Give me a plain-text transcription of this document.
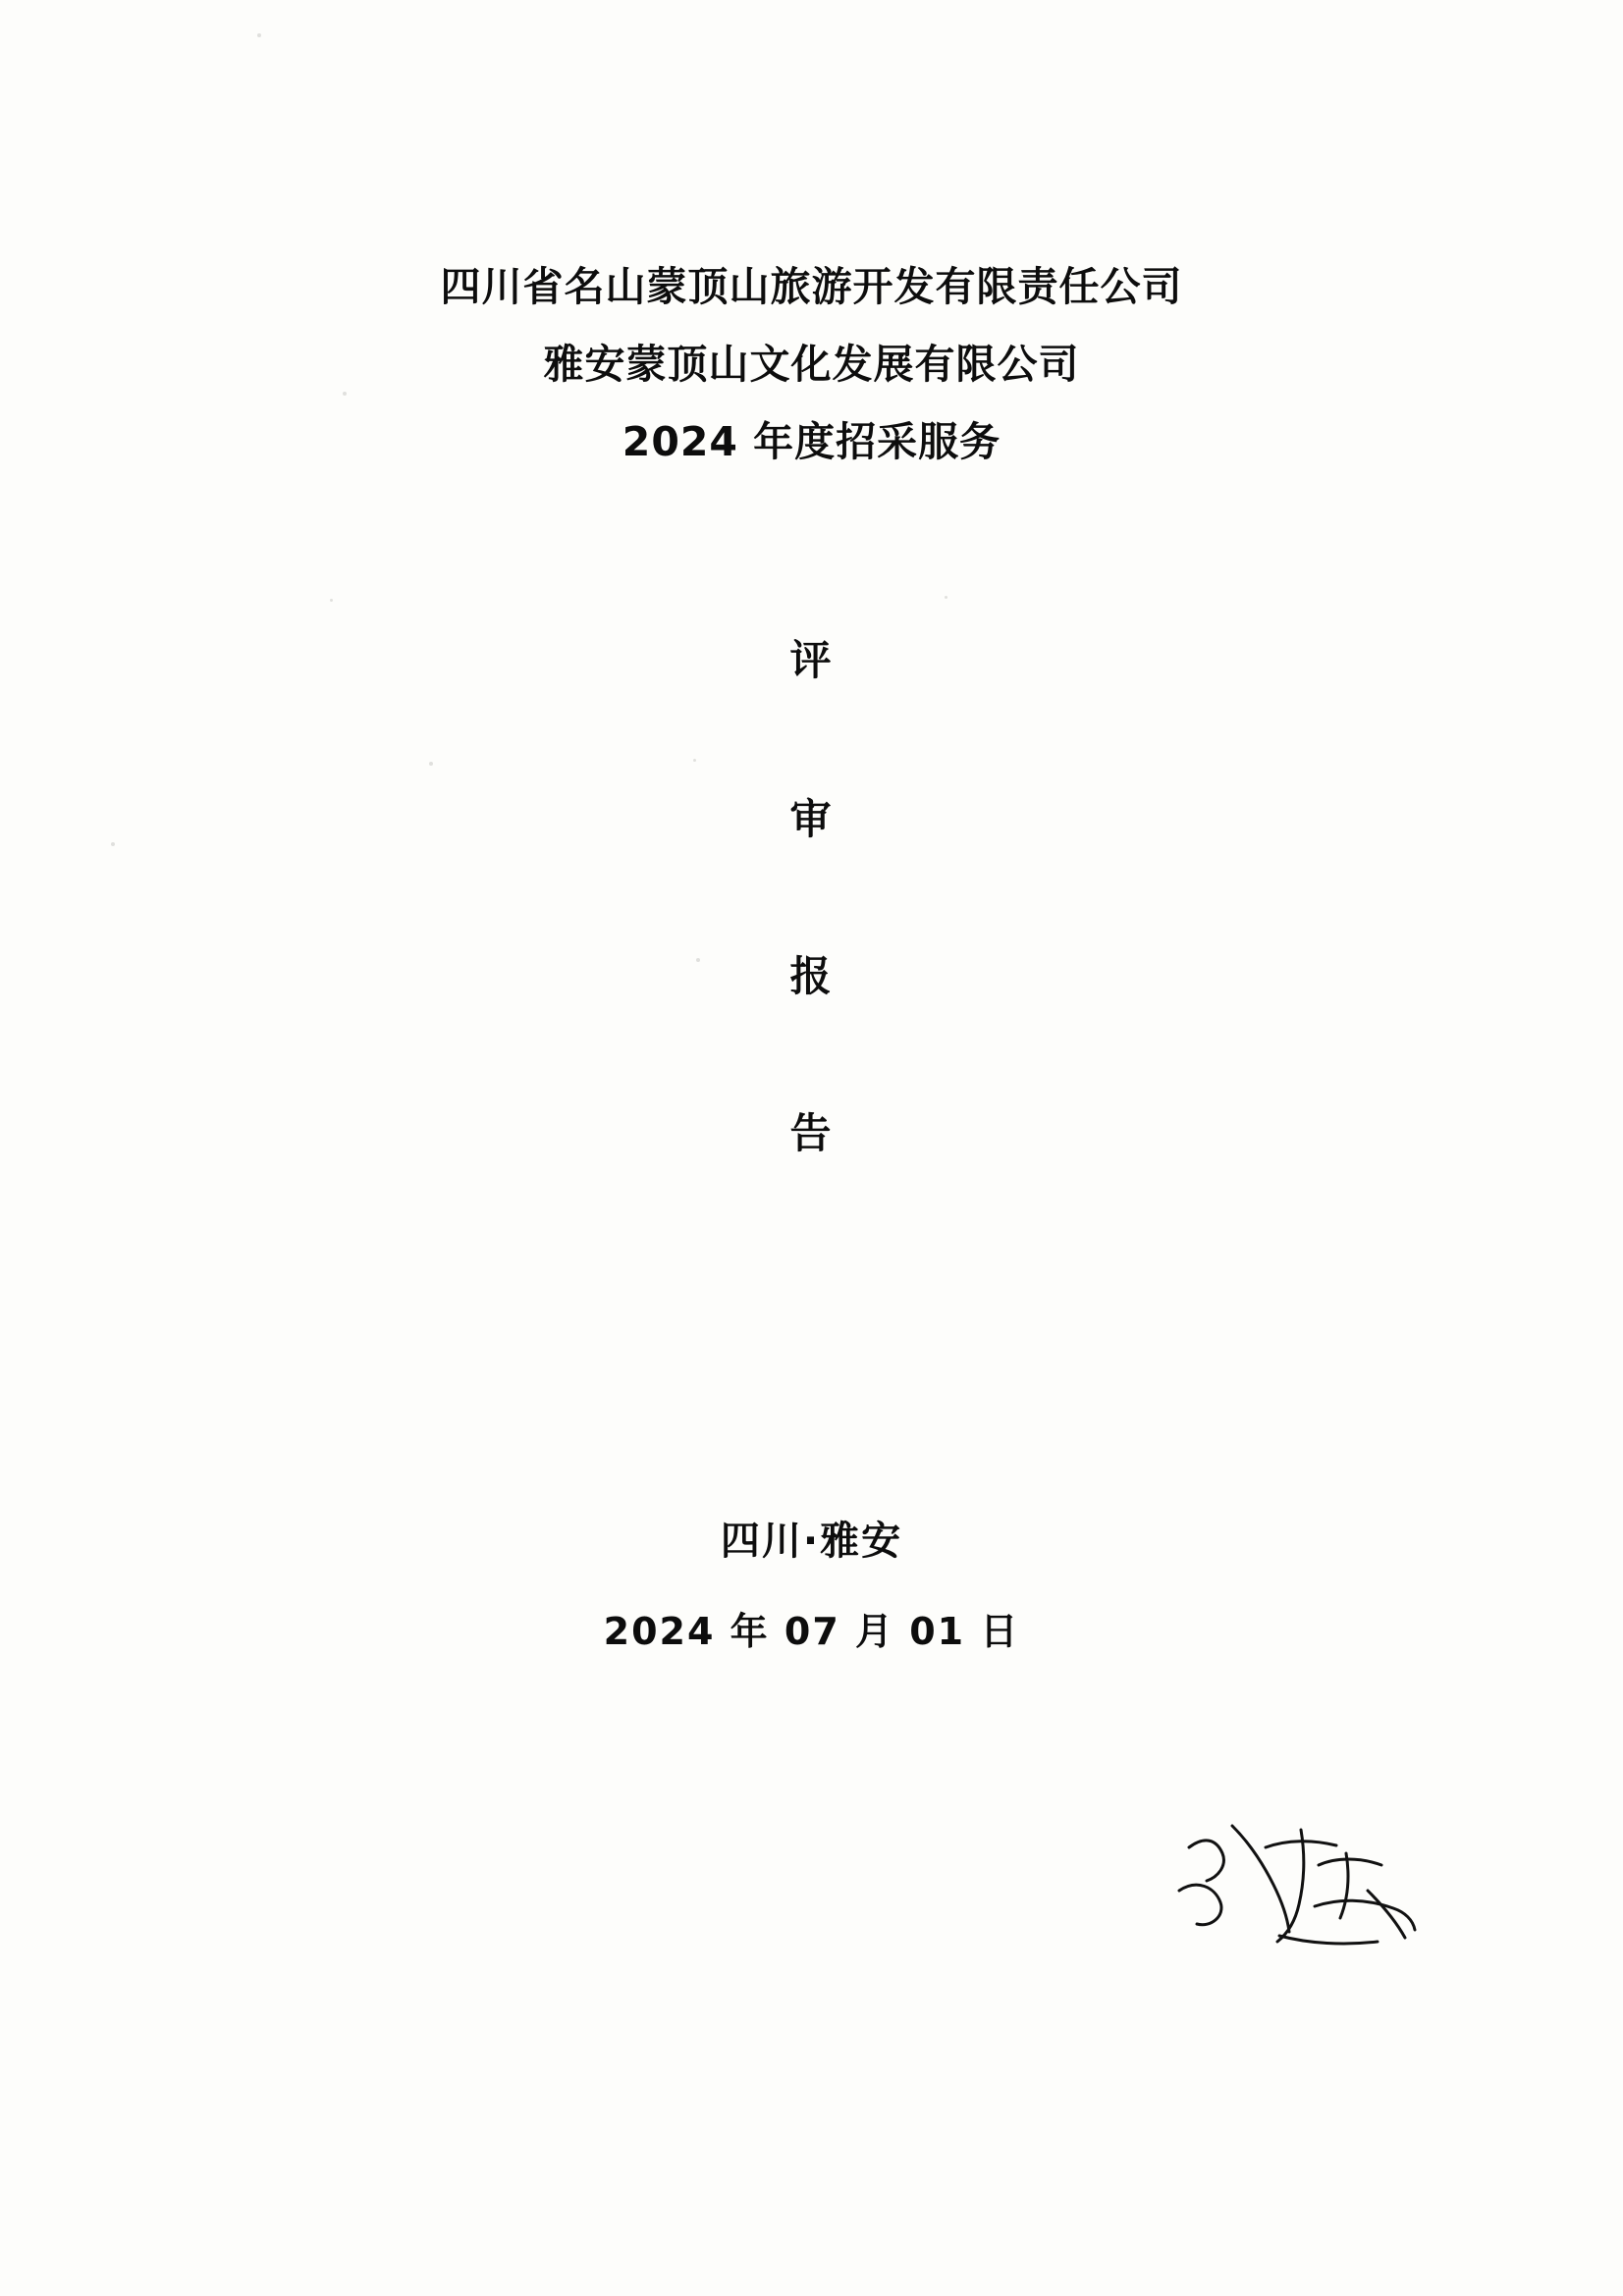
四川省名山蒙顶山旅游开发有限责任公司
雅安蒙顶山文化发展有限公司
2024 年度招采服务
评
审
报
告
四川·雅安
2024 年 07 月 01 日
